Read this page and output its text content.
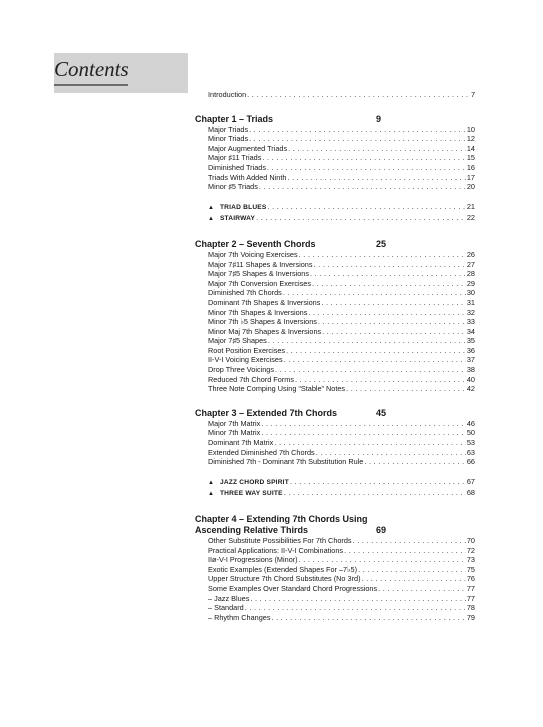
Contents
Introduction . . .	7
Chapter 1 – Triads	9
Major Triads . . .	10
Minor Triads . . .	12
Major Augmented Triads . . .	14
Major ♯11 Triads . . .	15
Diminished Triads . . .	16
Triads With Added Ninth . . .	17
Minor ♯5 Triads . . .	20
▲ TRIAD BLUES . . .	21
▲ STAIRWAY . . .	22
Chapter 2 – Seventh Chords	25
Major 7th Voicing Exercises . . .	26
Major 7♯11 Shapes & Inversions . . .	27
Major 7♯5 Shapes & Inversions . . .	28
Major 7th Conversion Exercises . . .	29
Diminished 7th Chords . . .	30
Dominant 7th Shapes & Inversions . . .	31
Minor 7th Shapes & Inversions . . .	32
Minor 7th ♭5 Shapes & Inversions . . .	33
Minor Maj 7th Shapes & Inversions . . .	34
Major 7♯5 Shapes . . .	35
Root Position Exercises . . .	36
II-V-I Voicing Exercises . . .	37
Drop Three Voicings . . .	38
Reduced 7th Chord Forms . . .	40
Three Note Comping Using “Stable” Notes . . .	42
Chapter 3 – Extended 7th Chords	45
Major 7th Matrix . . .	46
Minor 7th Matrix . . .	50
Dominant 7th Matrix . . .	53
Extended Diminished 7th Chords . . .	63
Diminished 7th - Dominant 7th Substitution Rule . . .	66
▲ JAZZ CHORD SPIRIT . . .	67
▲ THREE WAY SUITE . . .	68
Chapter 4 – Extending 7th Chords Using
Ascending Relative Thirds	69
Other Substitute Possibilities For 7th Chords . . .	70
Practical Applications: II-V-I Combinations . . .	72
IIø-V-I Progressions (Minor) . . .	73
Exotic Examples (Extended Shapes For –7♭5) . . .	75
Upper Structure 7th Chord Substitutes (No 3rd) . . .	76
Some Examples Over Standard Chord Progressions . . .	77
– Jazz Blues . . .	77
– Standard . . .	78
– Rhythm Changes . . .	79
